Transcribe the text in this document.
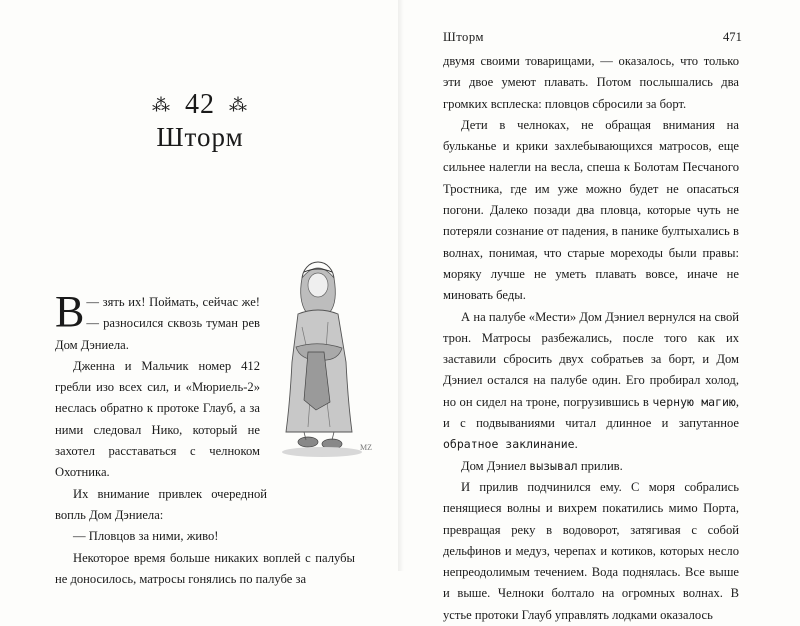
⁂ 42 ⁂
Шторм
MZ

—
В зять их! Поймать, сейчас же! — разносился сквозь туман рев Дом Дэниела.

Дженна и Мальчик номер 412 гребли изо всех сил, и «Мюриель-2» неслась обратно к протоке Глауб, а за ними следовал Нико, который не захотел расставаться с челноком Охотника.

Их внимание привлек очередной вопль Дом Дэниела:

— Пловцов за ними, живо!

Некоторое время больше никаких воплей с палубы не доносилось, матросы гонялись по палубе за

Шторм	471

двумя своими товарищами, — оказалось, что только эти двое умеют плавать. Потом послышались два громких всплеска: пловцов сбросили за борт.

Дети в челноках, не обращая внимания на бульканье и крики захлебывающихся матросов, еще сильнее налегли на весла, спеша к Болотам Песчаного Тростника, где им уже можно будет не опасаться погони. Далеко позади два пловца, которые чуть не потеряли сознание от падения, в панике бултыхались в волнах, понимая, что старые мореходы были правы: моряку лучше не уметь плавать вовсе, иначе не миновать беды.

А на палубе «Мести» Дом Дэниел вернулся на свой трон. Матросы разбежались, после того как их заставили сбросить двух собратьев за борт, и Дом Дэниел остался на палубе один. Его пробирал холод, но он сидел на троне, погрузившись в черную магию, и с подвываниями читал длинное и запутанное обратное заклинание.

Дом Дэниел вызывал прилив.

И прилив подчинился ему. С моря собрались пенящиеся волны и вихрем покатились мимо Порта, превращая реку в водоворот, затягивая с собой дельфинов и медуз, черепах и котиков, которых несло непреодолимым течением. Вода поднялась. Все выше и выше. Челноки болтало на огромных волнах. В устье протоки Глауб управлять лодками оказалось
